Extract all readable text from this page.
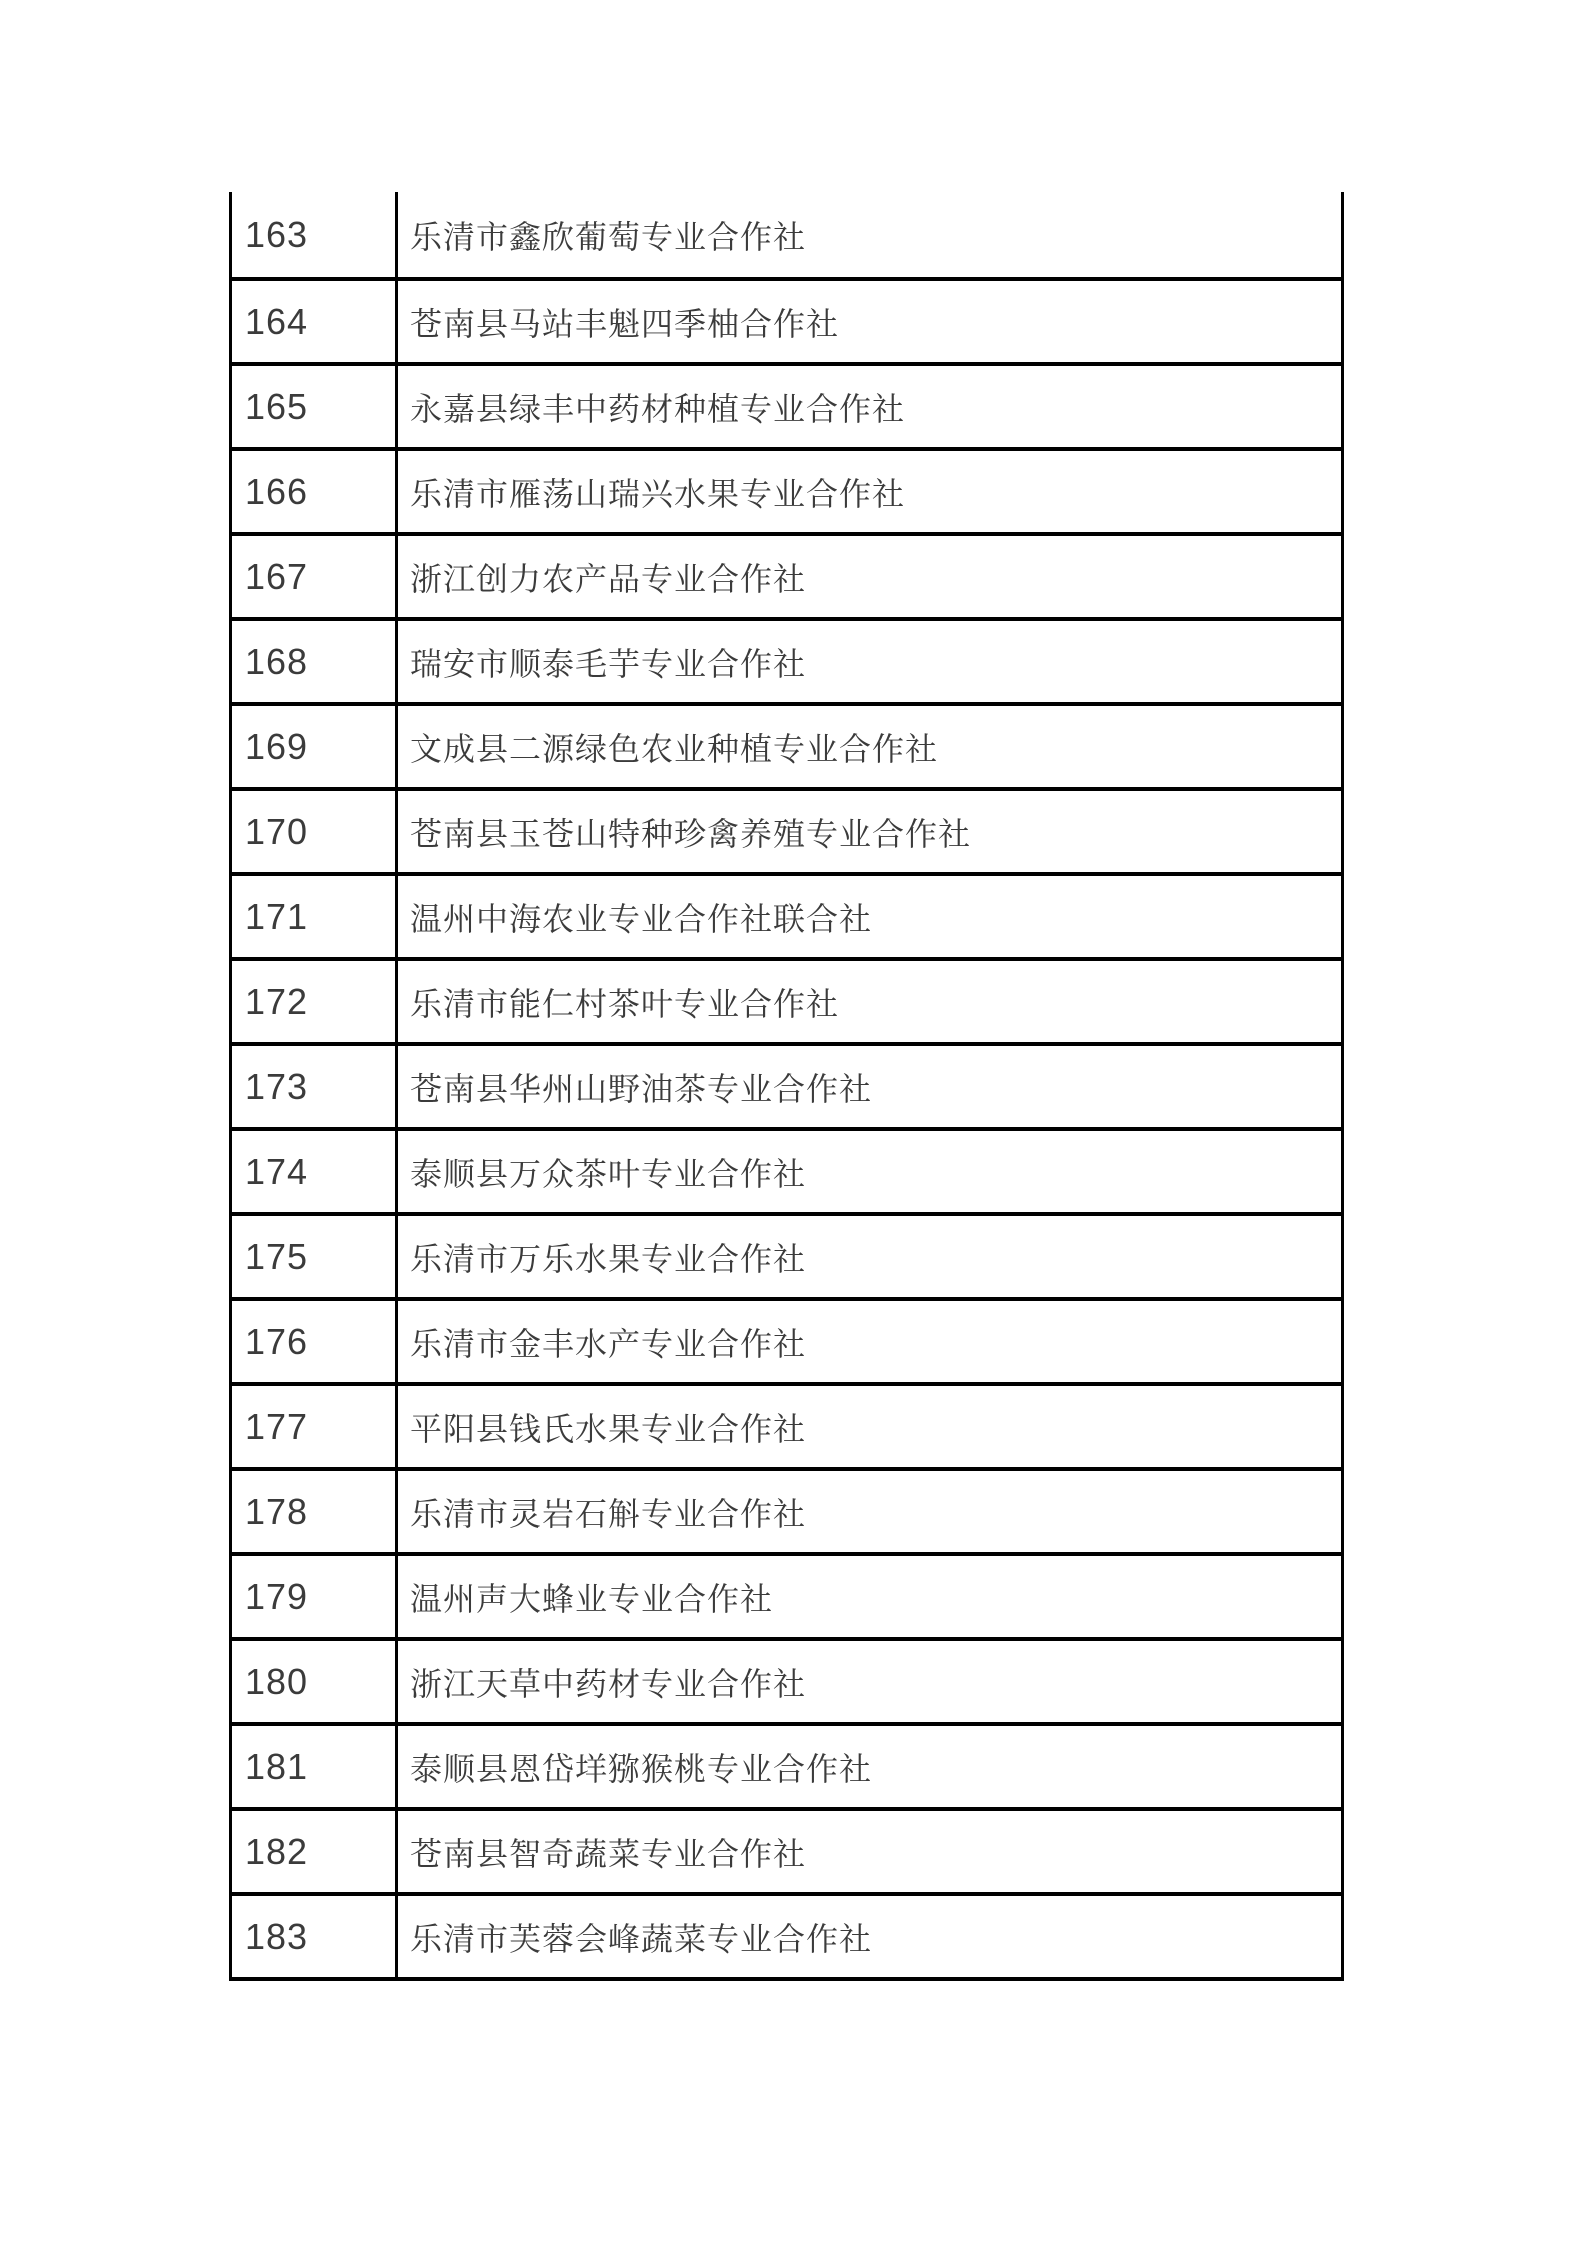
163	乐清市鑫欣葡萄专业合作社
164	苍南县马站丰魁四季柚合作社
165	永嘉县绿丰中药材种植专业合作社
166	乐清市雁荡山瑞兴水果专业合作社
167	浙江创力农产品专业合作社
168	瑞安市顺泰毛芋专业合作社
169	文成县二源绿色农业种植专业合作社
170	苍南县玉苍山特种珍禽养殖专业合作社
171	温州中海农业专业合作社联合社
172	乐清市能仁村茶叶专业合作社
173	苍南县华州山野油茶专业合作社
174	泰顺县万众茶叶专业合作社
175	乐清市万乐水果专业合作社
176	乐清市金丰水产专业合作社
177	平阳县钱氏水果专业合作社
178	乐清市灵岩石斛专业合作社
179	温州声大蜂业专业合作社
180	浙江天草中药材专业合作社
181	泰顺县恩岱垟猕猴桃专业合作社
182	苍南县智奇蔬菜专业合作社
183	乐清市芙蓉会峰蔬菜专业合作社
